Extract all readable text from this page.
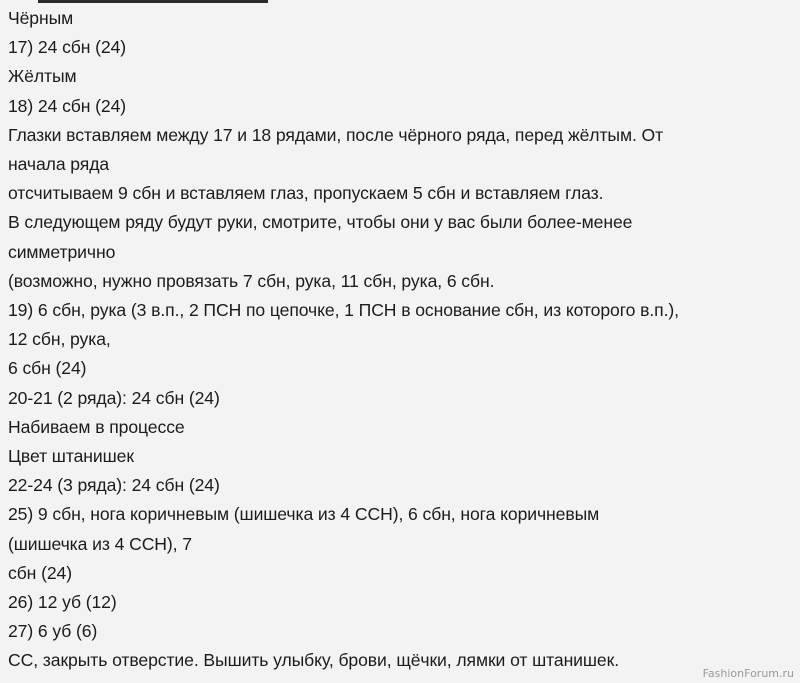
Чёрным
17) 24 сбн (24)
Жёлтым
18) 24 сбн (24)
Глазки вставляем между 17 и 18 рядами, после чёрного ряда, перед жёлтым. От
начала ряда
отсчитываем 9 сбн и вставляем глаз, пропускаем 5 сбн и вставляем глаз.
В следующем ряду будут руки, смотрите, чтобы они у вас были более-менее
симметрично
(возможно, нужно провязать 7 сбн, рука, 11 сбн, рука, 6 сбн.
19) 6 сбн, рука (3 в.п., 2 ПСН по цепочке, 1 ПСН в основание сбн, из которого в.п.),
12 сбн, рука,
6 сбн (24)
20-21 (2 ряда): 24 сбн (24)
Набиваем в процессе
Цвет штанишек
22-24 (3 ряда): 24 сбн (24)
25) 9 сбн, нога коричневым (шишечка из 4 ССН), 6 сбн, нога коричневым
(шишечка из 4 ССН), 7
сбн (24)
26) 12 уб (12)
27) 6 уб (6)
СС, закрыть отверстие. Вышить улыбку, брови, щёчки, лямки от штанишек.
FashionForum.ru
